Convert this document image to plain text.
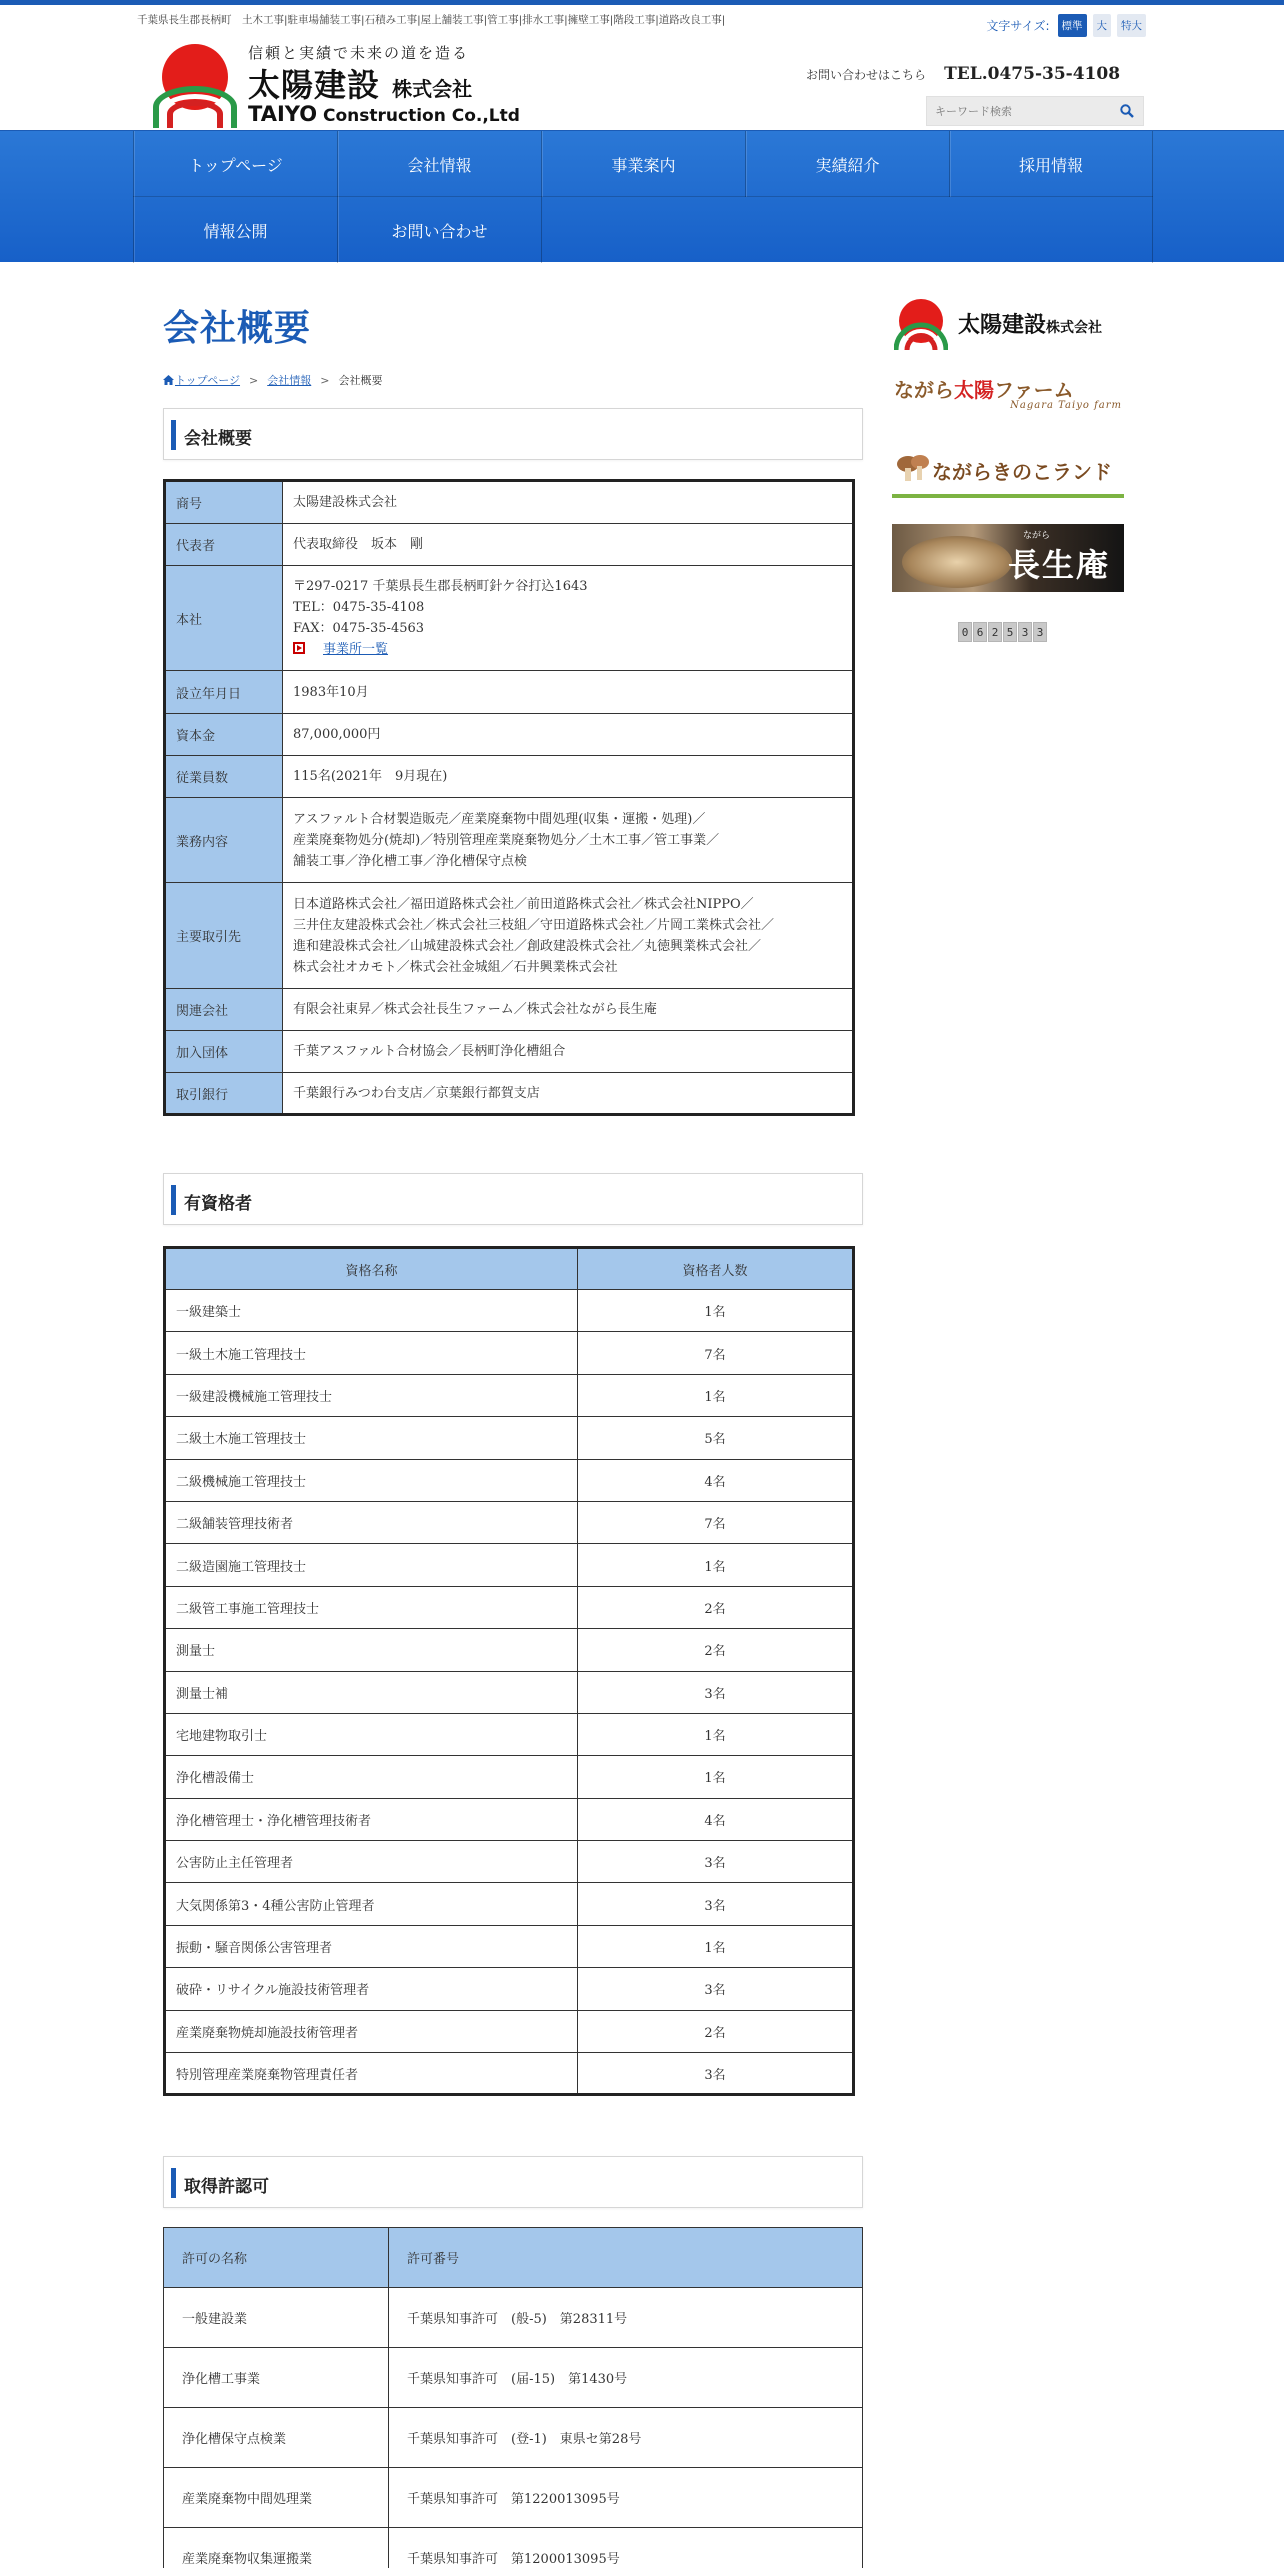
千葉県長生郡長柄町　土木工事|駐車場舗装工事|石積み工事|屋上舗装工事|管工事|排水工事|擁壁工事|階段工事|道路改良工事|
信頼と実績で未来の道を造る
太陽建設 株式会社
TAIYO Construction Co.,Ltd
文字サイズ:	標準	大	特大
お問い合わせはこちら TEL.0475-35-4108
キーワード検索
トップページ	会社情報	事業案内	実績紹介	採用情報
情報公開	お問い合わせ
会社概要
トップページ > 会社情報 > 会社概要
会社概要
商号	太陽建設株式会社
代表者	代表取締役　坂本　剛
本社	〒297-0217 千葉県長生郡長柄町針ケ谷打込1643
TEL：0475-35-4108
FAX：0475-35-4563
事業所一覧

設立年月日	1983年10月
資本金	87,000,000円
従業員数	115名(2021年　9月現在)
業務内容	アスファルト合材製造販売／産業廃棄物中間処理(収集・運搬・処理)／
産業廃棄物処分(焼却)／特別管理産業廃棄物処分／土木工事／管工事業／
舗装工事／浄化槽工事／浄化槽保守点検

主要取引先	日本道路株式会社／福田道路株式会社／前田道路株式会社／株式会社NIPPO／
三井住友建設株式会社／株式会社三枝組／守田道路株式会社／片岡工業株式会社／
進和建設株式会社／山城建設株式会社／創政建設株式会社／丸徳興業株式会社／
株式会社オカモト／株式会社金城組／石井興業株式会社

関連会社	有限会社東昇／株式会社長生ファーム／株式会社ながら長生庵
加入団体	千葉アスファルト合材協会／長柄町浄化槽組合
取引銀行	千葉銀行みつわ台支店／京葉銀行都賀支店
有資格者
資格名称	資格者人数
一級建築士	1名
一級土木施工管理技士	7名
一級建設機械施工管理技士	1名
二級土木施工管理技士	5名
二級機械施工管理技士	4名
二級舗装管理技術者	7名
二級造園施工管理技士	1名
二級管工事施工管理技士	2名
測量士	2名
測量士補	3名
宅地建物取引士	1名
浄化槽設備士	1名
浄化槽管理士・浄化槽管理技術者	4名
公害防止主任管理者	3名
大気関係第3・4種公害防止管理者	3名
振動・騒音関係公害管理者	1名
破砕・リサイクル施設技術管理者	3名
産業廃棄物焼却施設技術管理者	2名
特別管理産業廃棄物管理責任者	3名
取得許認可
許可の名称	許可番号
一般建設業	千葉県知事許可　(般-5)　第28311号
浄化槽工事業	千葉県知事許可　(届-15)　第1430号
浄化槽保守点検業	千葉県知事許可　(登-1)　東県セ第28号
産業廃棄物中間処理業	千葉県知事許可　第1220013095号
産業廃棄物収集運搬業	千葉県知事許可　第1200013095号
太陽建設株式会社
ながら太陽ファーム
Nagara Taiyo farm
ながらきのこランド
ながら
長生庵
0 6 2 5 3 3
